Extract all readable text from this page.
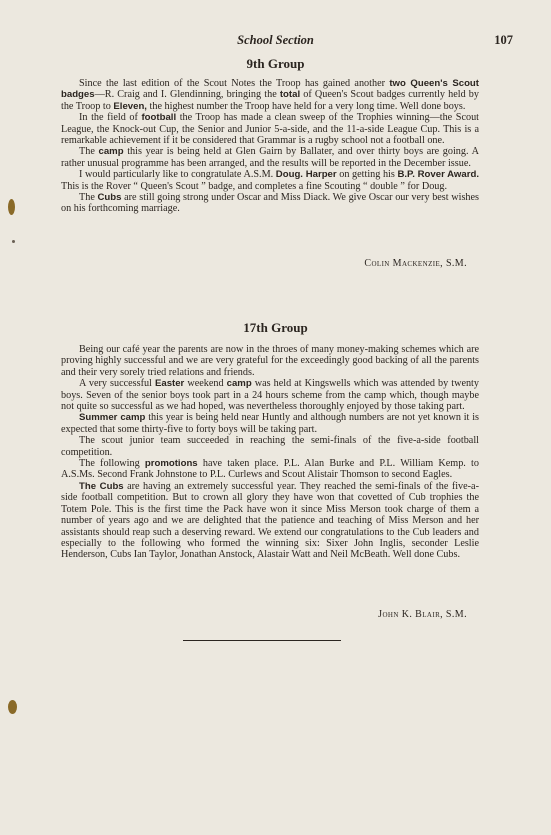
School Section	107
9th Group

Since the last edition of the Scout Notes the Troop has gained another two Queen's Scout badges—R. Craig and I. Glendinning, bringing the total of Queen's Scout badges currently held by the Troop to Eleven, the highest number the Troop have held for a very long time. Well done boys.

In the field of football the Troop has made a clean sweep of the Trophies winning—the Scout League, the Knock-out Cup, the Senior and Junior 5-a-side, and the 11-a-side League Cup. This is a remarkable achievement if it be considered that Grammar is a rugby school not a football one.

The camp this year is being held at Glen Gairn by Ballater, and over thirty boys are going. A rather unusual programme has been arranged, and the results will be reported in the December issue.

I would particularly like to congratulate A.S.M. Doug. Harper on getting his B.P. Rover Award. This is the Rover “ Queen's Scout ” badge, and completes a fine Scouting “ double ” for Doug.

The Cubs are still going strong under Oscar and Miss Diack. We give Oscar our very best wishes on his forthcoming marriage.

Colin Mackenzie, S.M.
17th Group

Being our café year the parents are now in the throes of many money-making schemes which are proving highly successful and we are very grateful for the exceedingly good backing of all the parents and their very sorely tried relations and friends.

A very successful Easter weekend camp was held at Kingswells which was attended by twenty boys. Seven of the senior boys took part in a 24 hours scheme from the camp which, though maybe not quite so successful as we had hoped, was nevertheless thoroughly enjoyed by those taking part.

Summer camp this year is being held near Huntly and although numbers are not yet known it is expected that some thirty-five to forty boys will be taking part.

The scout junior team succeeded in reaching the semi-finals of the five-a-side football competition.

The following promotions have taken place. P.L. Alan Burke and P.L. William Kemp. to A.S.Ms. Second Frank Johnstone to P.L. Curlews and Scout Alistair Thomson to second Eagles.

The Cubs are having an extremely successful year. They reached the semi-finals of the five-a-side football competition. But to crown all glory they have won that covetted of Cub trophies the Totem Pole. This is the first time the Pack have won it since Miss Merson took charge of them a number of years ago and we are delighted that the patience and teaching of Miss Merson and her assistants should reap such a deserving reward. We extend our congratulations to the Cub leaders and especially to the following who formed the winning six: Sixer John Inglis, seconder Leslie Henderson, Cubs Ian Taylor, Jonathan Anstock, Alastair Watt and Neil McBeath. Well done Cubs.

John K. Blair, S.M.
